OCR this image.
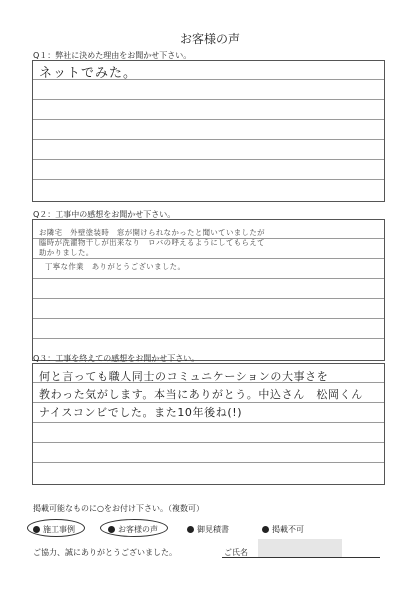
お客様の声
Q１：弊社に決めた理由をお聞かせ下さい。
ネットでみた。
Q２：工事中の感想をお聞かせ下さい。
お隣宅　外壁塗装時　窓が開けられなかったと聞いていましたが
臨時が洗濯物干しが出来なり　ロバの呼えるようにしてもらえて
助かりました。
丁寧な作業　ありがとうございました。
Q３：工事を終えての感想をお聞かせ下さい。
何と言っても職人同士のコミュニケーションの大事さを
教わった気がします。本当にありがとう。中込さん　松岡くん
ナイスコンビでした。また10年後ね(!)
掲載可能なものに○をお付け下さい。（複数可）
施工事例	お客様の声	御見積書	掲載不可
ご協力、誠にありがとうございました。	ご氏名
